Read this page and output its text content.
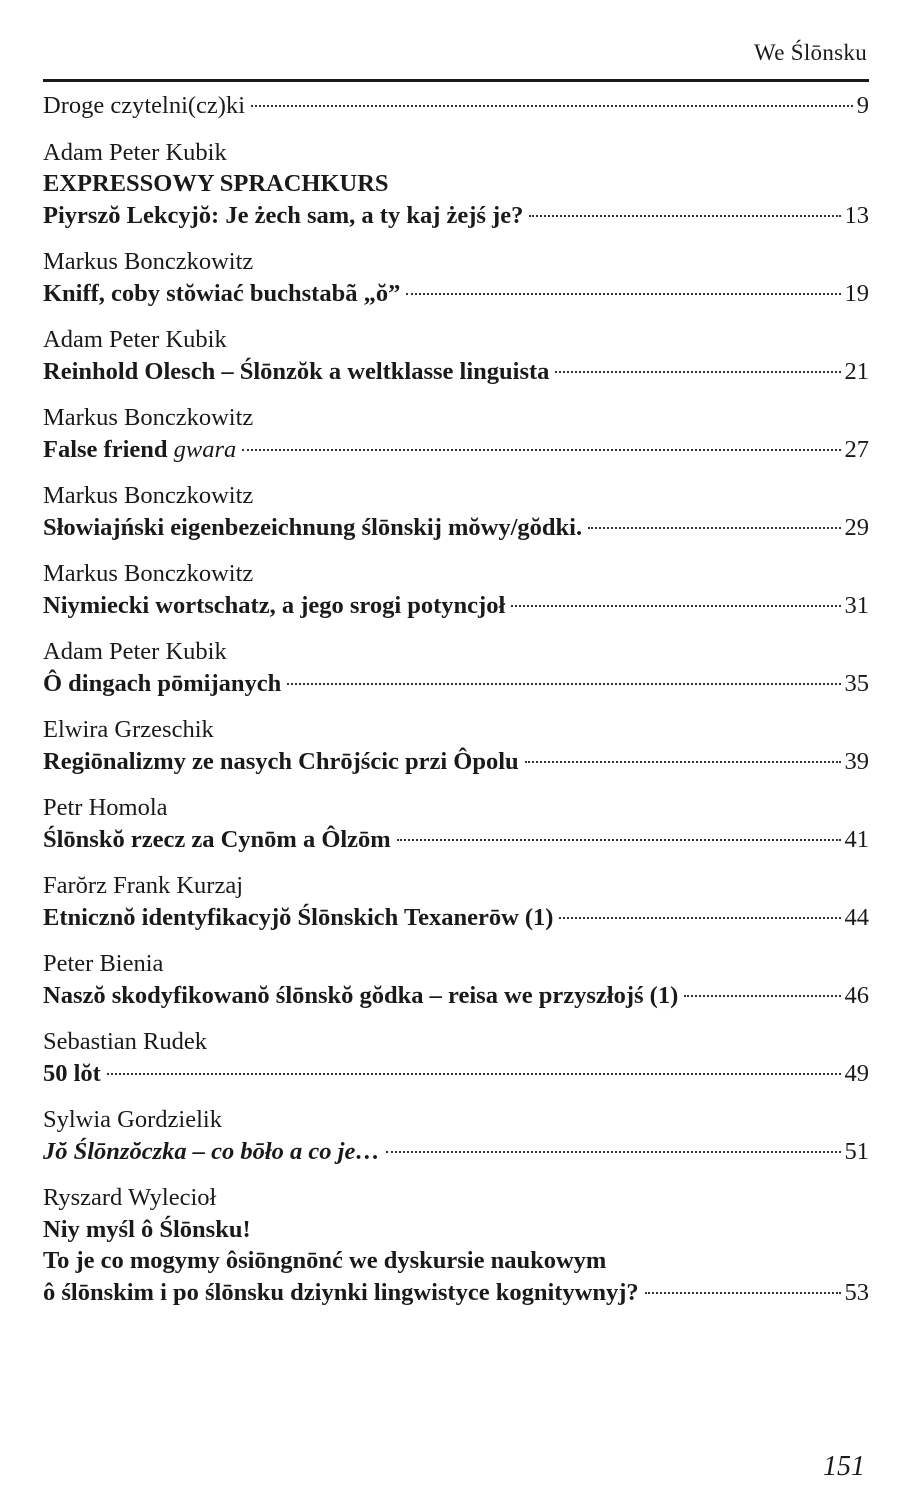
We Ślōnsku
Droge czytelni(cz)ki	9
Adam Peter Kubik
EXPRESSOWY SPRACHKURS
Piyrszŏ Lekcyjŏ: Je żech sam, a ty kaj żejś je?	13
Markus Bonczkowitz
Kniff, coby stŏwiać buchstabã „ŏ”	19
Adam Peter Kubik
Reinhold Olesch – Ślōnzŏk a weltklasse linguista	21
Markus Bonczkowitz
False friend gwara	27
Markus Bonczkowitz
Słowiajński eigenbezeichnung ślōnskij mŏwy/gŏdki.	29
Markus Bonczkowitz
Niymiecki wortschatz, a jego srogi potyncjoł	31
Adam Peter Kubik
Ô dingach pōmijanych	35
Elwira Grzeschik
Regiōnalizmy ze nasych Chrōjścic przi Ôpolu	39
Petr Homola
Ślōnskŏ rzecz za Cynōm a Ôlzōm	41
Farŏrz Frank Kurzaj
Etnicznŏ identyfikacyjŏ Ślōnskich Texanerōw (1)	44
Peter Bienia
Naszŏ skodyfikowanŏ ślōnskŏ gŏdka – reisa we przyszłojś (1)	46
Sebastian Rudek
50 lŏt	49
Sylwia Gordzielik
Jŏ Ślōnzŏczka – co bōło a co je…	51
Ryszard Wylecioł
Niy myśl ô Ślōnsku!
To je co mogymy ôsiōngnōnć we dyskursie naukowym
ô ślōnskim i po ślōnsku dziynki lingwistyce kognitywnyj?	53
151
